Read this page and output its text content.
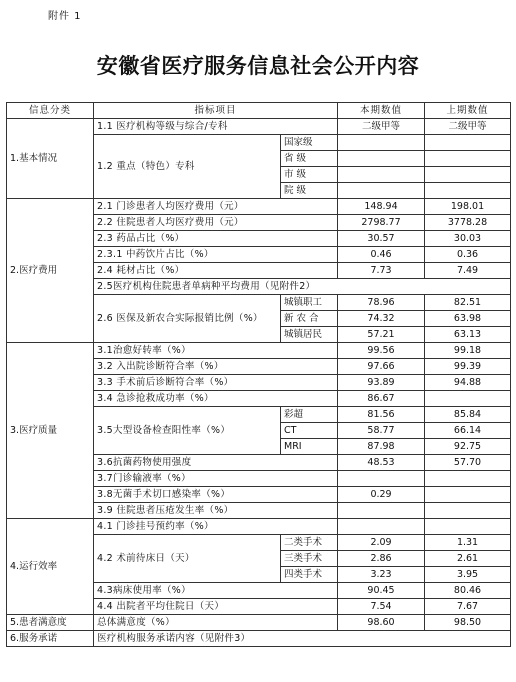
附件 1
安徽省医疗服务信息社会公开内容
信息分类	指标项目		本期数值	上期数值
1.基本情况	1.1 医疗机构等级与综合/专科		二级甲等	二级甲等
	1.2 重点（特色）专科	国家级		
		省 级		
		市 级		
		院 级		
2.医疗费用	2.1 门诊患者人均医疗费用（元）		148.94	198.01
	2.2 住院患者人均医疗费用（元）		2798.77	3778.28
	2.3 药品占比（%）		30.57	30.03
	2.3.1 中药饮片占比（%）		0.46	0.36
	2.4 耗材占比（%）		7.73	7.49
	2.5医疗机构住院患者单病种平均费用（见附件2）			
	2.6 医保及新农合实际报销比例（%）	城镇职工	78.96	82.51
		新 农 合	74.32	63.98
		城镇居民	57.21	63.13
3.医疗质量	3.1治愈好转率（%）		99.56	99.18
	3.2 入出院诊断符合率（%）		97.66	99.39
	3.3 手术前后诊断符合率（%）		93.89	94.88
	3.4 急诊抢救成功率（%）		86.67	
	3.5大型设备检查阳性率（%）	彩超	81.56	85.84
		CT	58.77	66.14
		MRI	87.98	92.75
	3.6抗菌药物使用强度		48.53	57.70
	3.7门诊输液率（%）			
	3.8无菌手术切口感染率（%）		0.29	
	3.9 住院患者压疮发生率（%）			
4.运行效率	4.1 门诊挂号预约率（%）			
	4.2 术前待床日（天）	二类手术	2.09	1.31
		三类手术	2.86	2.61
		四类手术	3.23	3.95
	4.3病床使用率（%）		90.45	80.46
	4.4 出院者平均住院日（天）		7.54	7.67
5.患者满意度	总体满意度（%）		98.60	98.50
6.服务承诺	医疗机构服务承诺内容（见附件3）			
